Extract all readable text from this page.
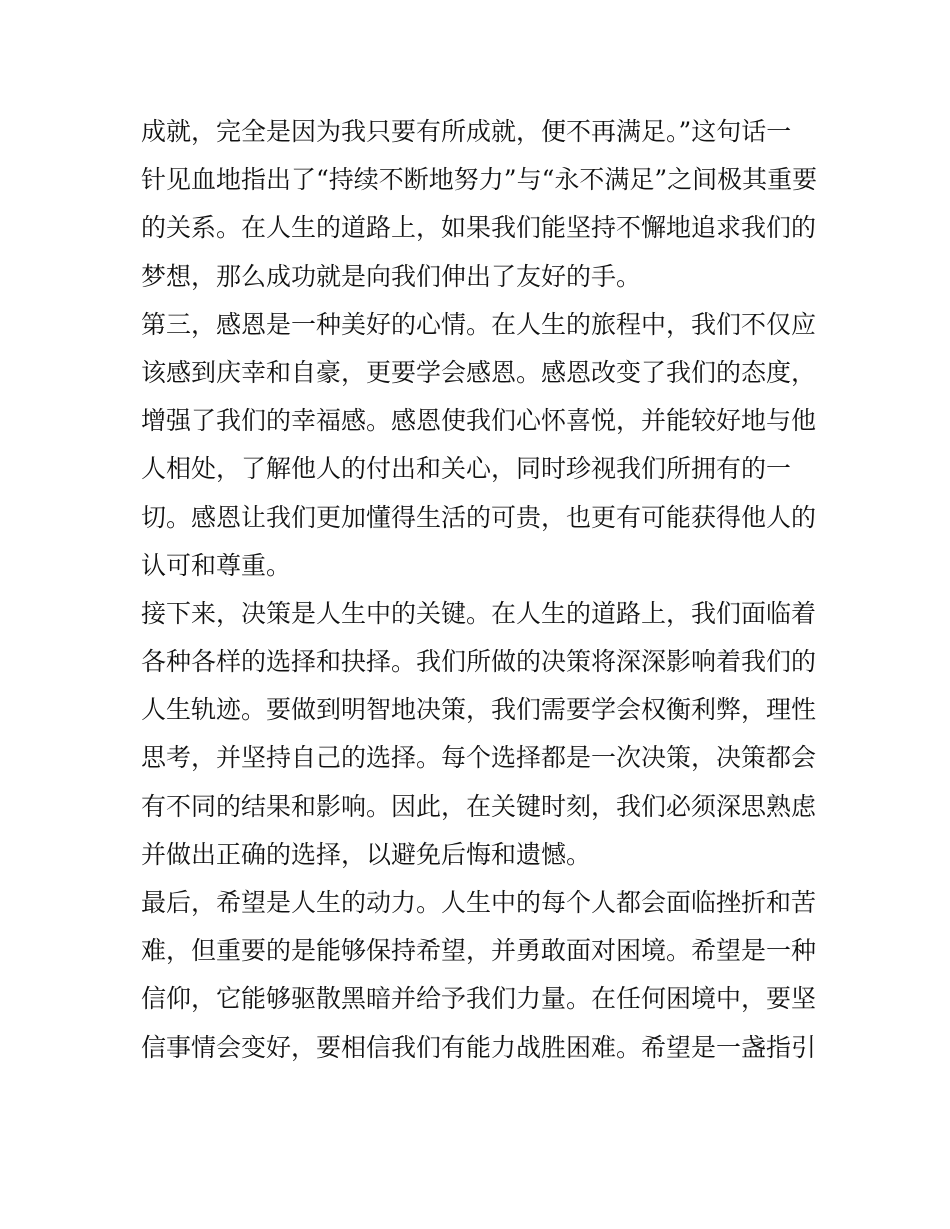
成就，完全是因为我只要有所成就，便不再满足。”这句话一
针见血地指出了“持续不断地努力”与“永不满足”之间极其重要
的关系。在人生的道路上，如果我们能坚持不懈地追求我们的
梦想，那么成功就是向我们伸出了友好的手。
第三，感恩是一种美好的心情。在人生的旅程中，我们不仅应
该感到庆幸和自豪，更要学会感恩。感恩改变了我们的态度，
增强了我们的幸福感。感恩使我们心怀喜悦，并能较好地与他
人相处，了解他人的付出和关心，同时珍视我们所拥有的一
切。感恩让我们更加懂得生活的可贵，也更有可能获得他人的
认可和尊重。
接下来，决策是人生中的关键。在人生的道路上，我们面临着
各种各样的选择和抉择。我们所做的决策将深深影响着我们的
人生轨迹。要做到明智地决策，我们需要学会权衡利弊，理性
思考，并坚持自己的选择。每个选择都是一次决策，决策都会
有不同的结果和影响。因此，在关键时刻，我们必须深思熟虑
并做出正确的选择，以避免后悔和遗憾。
最后，希望是人生的动力。人生中的每个人都会面临挫折和苦
难，但重要的是能够保持希望，并勇敢面对困境。希望是一种
信仰，它能够驱散黑暗并给予我们力量。在任何困境中，要坚
信事情会变好，要相信我们有能力战胜困难。希望是一盏指引
